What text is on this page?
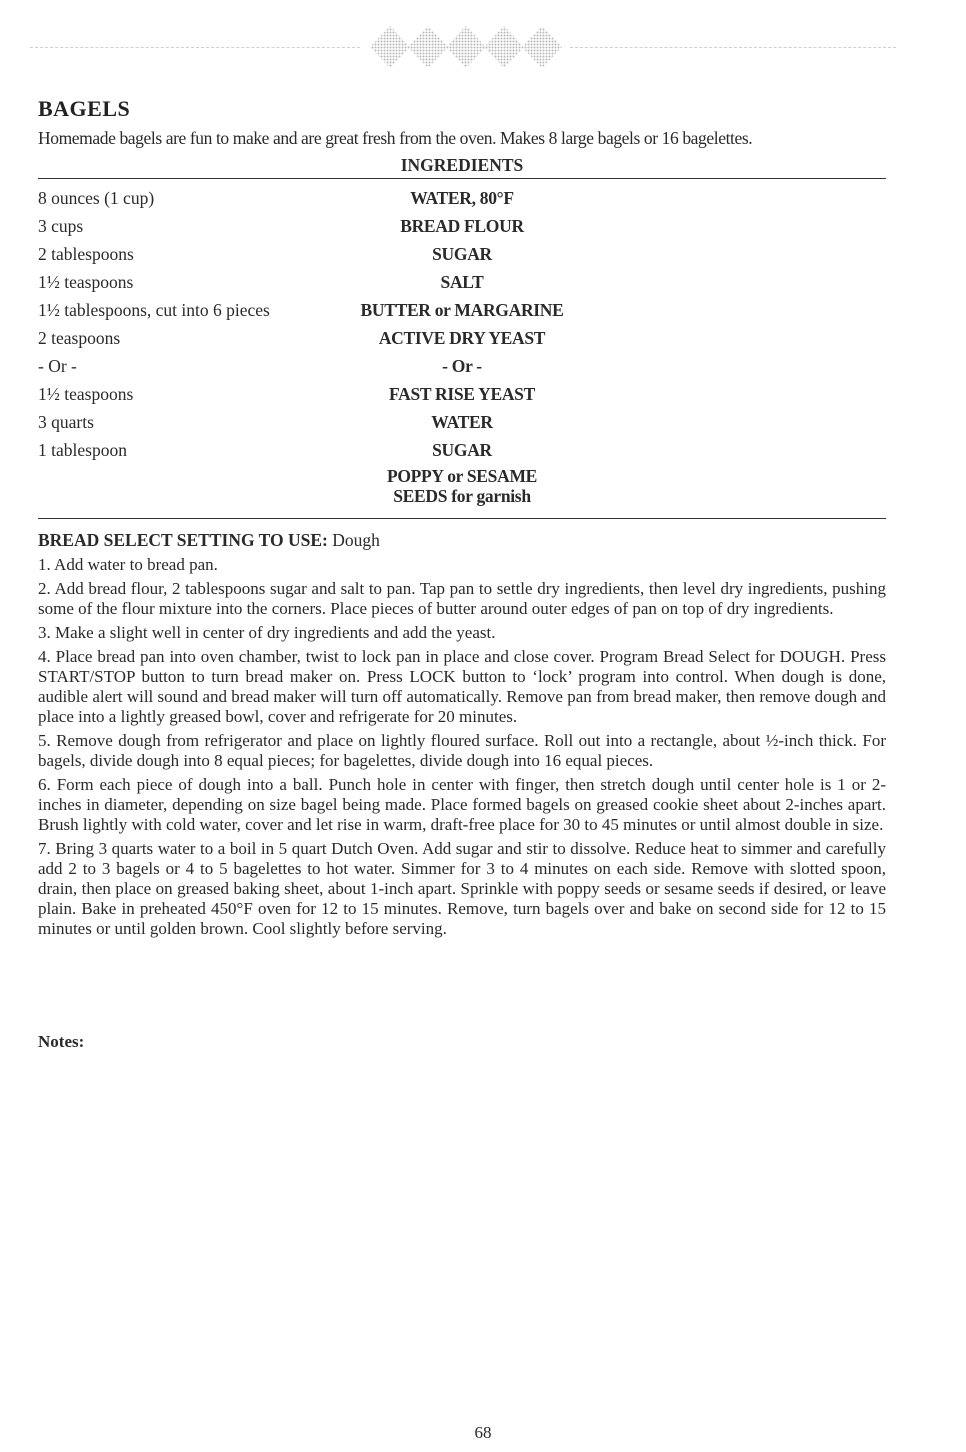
BAGELS

Homemade bagels are fun to make and are great fresh from the oven. Makes 8 large bagels or 16 bagelettes.

INGREDIENTS
8 ounces (1 cup)	WATER, 80°F
3 cups	BREAD FLOUR
2 tablespoons	SUGAR
1½ teaspoons	SALT
1½ tablespoons, cut into 6 pieces	BUTTER or MARGARINE
2 teaspoons	ACTIVE DRY YEAST
- Or -	- Or -
1½ teaspoons	FAST RISE YEAST
3 quarts	WATER
1 tablespoon	SUGAR
POPPY or SESAME
SEEDS for garnish

BREAD SELECT SETTING TO USE: Dough

1. Add water to bread pan.

2. Add bread flour, 2 tablespoons sugar and salt to pan. Tap pan to settle dry ingredients, then level dry ingredients, pushing some of the flour mixture into the corners. Place pieces of butter around outer edges of pan on top of dry ingredients.

3. Make a slight well in center of dry ingredients and add the yeast.

4. Place bread pan into oven chamber, twist to lock pan in place and close cover. Program Bread Select for DOUGH. Press START/STOP button to turn bread maker on. Press LOCK button to ‘lock’ program into control. When dough is done, audible alert will sound and bread maker will turn off automatically. Remove pan from bread maker, then remove dough and place into a lightly greased bowl, cover and refrigerate for 20 minutes.

5. Remove dough from refrigerator and place on lightly floured surface. Roll out into a rectangle, about ½-inch thick. For bagels, divide dough into 8 equal pieces; for bagelettes, divide dough into 16 equal pieces.

6. Form each piece of dough into a ball. Punch hole in center with finger, then stretch dough until center hole is 1 or 2-inches in diameter, depending on size bagel being made. Place formed bagels on greased cookie sheet about 2-inches apart. Brush lightly with cold water, cover and let rise in warm, draft-free place for 30 to 45 minutes or until almost double in size.

7. Bring 3 quarts water to a boil in 5 quart Dutch Oven. Add sugar and stir to dissolve. Reduce heat to simmer and carefully add 2 to 3 bagels or 4 to 5 bagelettes to hot water. Simmer for 3 to 4 minutes on each side. Remove with slotted spoon, drain, then place on greased baking sheet, about 1-inch apart. Sprinkle with poppy seeds or sesame seeds if desired, or leave plain. Bake in preheated 450°F oven for 12 to 15 minutes. Remove, turn bagels over and bake on second side for 12 to 15 minutes or until golden brown. Cool slightly before serving.

Notes:

68
